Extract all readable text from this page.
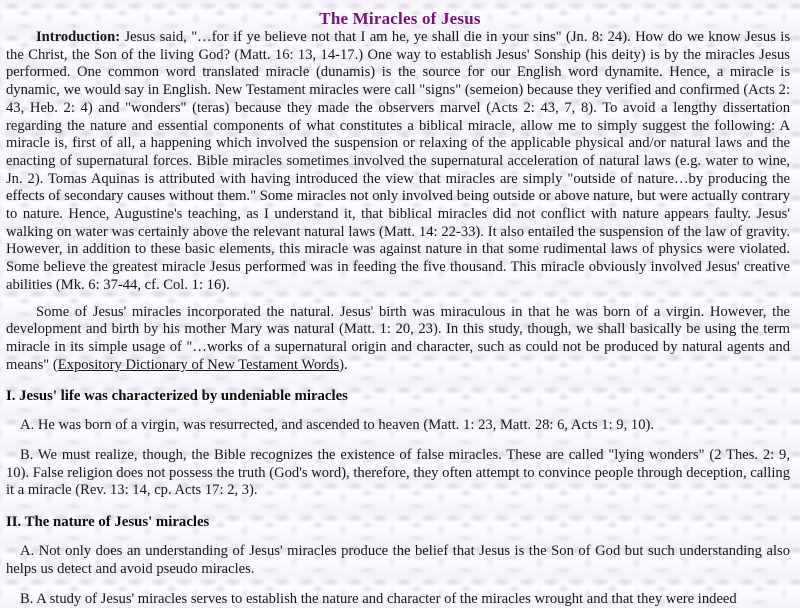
The Miracles of Jesus

Introduction: Jesus said, "…for if ye believe not that I am he, ye shall die in your sins" (Jn. 8: 24). How do we know Jesus is the Christ, the Son of the living God? (Matt. 16: 13, 14-17.) One way to establish Jesus' Sonship (his deity) is by the miracles Jesus performed. One common word translated miracle (dunamis) is the source for our English word dynamite. Hence, a miracle is dynamic, we would say in English. New Testament miracles were call "signs" (semeion) because they verified and confirmed (Acts 2: 43, Heb. 2: 4) and "wonders" (teras) because they made the observers marvel (Acts 2: 43, 7, 8). To avoid a lengthy dissertation regarding the nature and essential components of what constitutes a biblical miracle, allow me to simply suggest the following: A miracle is, first of all, a happening which involved the suspension or relaxing of the applicable physical and/or natural laws and the enacting of supernatural forces. Bible miracles sometimes involved the supernatural acceleration of natural laws (e.g. water to wine, Jn. 2). Tomas Aquinas is attributed with having introduced the view that miracles are simply "outside of nature…by producing the effects of secondary causes without them." Some miracles not only involved being outside or above nature, but were actually contrary to nature. Hence, Augustine's teaching, as I understand it, that biblical miracles did not conflict with nature appears faulty. Jesus' walking on water was certainly above the relevant natural laws (Matt. 14: 22-33). It also entailed the suspension of the law of gravity. However, in addition to these basic elements, this miracle was against nature in that some rudimental laws of physics were violated. Some believe the greatest miracle Jesus performed was in feeding the five thousand. This miracle obviously involved Jesus' creative abilities (Mk. 6: 37-44, cf. Col. 1: 16).

Some of Jesus' miracles incorporated the natural. Jesus' birth was miraculous in that he was born of a virgin. However, the development and birth by his mother Mary was natural (Matt. 1: 20, 23). In this study, though, we shall basically be using the term miracle in its simple usage of "…works of a supernatural origin and character, such as could not be produced by natural agents and means" (Expository Dictionary of New Testament Words).

I. Jesus' life was characterized by undeniable miracles

A. He was born of a virgin, was resurrected, and ascended to heaven (Matt. 1: 23, Matt. 28: 6, Acts 1: 9, 10).

B. We must realize, though, the Bible recognizes the existence of false miracles. These are called "lying wonders" (2 Thes. 2: 9, 10). False religion does not possess the truth (God's word), therefore, they often attempt to convince people through deception, calling it a miracle (Rev. 13: 14, cp. Acts 17: 2, 3).

II. The nature of Jesus' miracles

A. Not only does an understanding of Jesus' miracles produce the belief that Jesus is the Son of God but such understanding also helps us detect and avoid pseudo miracles.

B. A study of Jesus' miracles serves to establish the nature and character of the miracles wrought and that they were indeed
